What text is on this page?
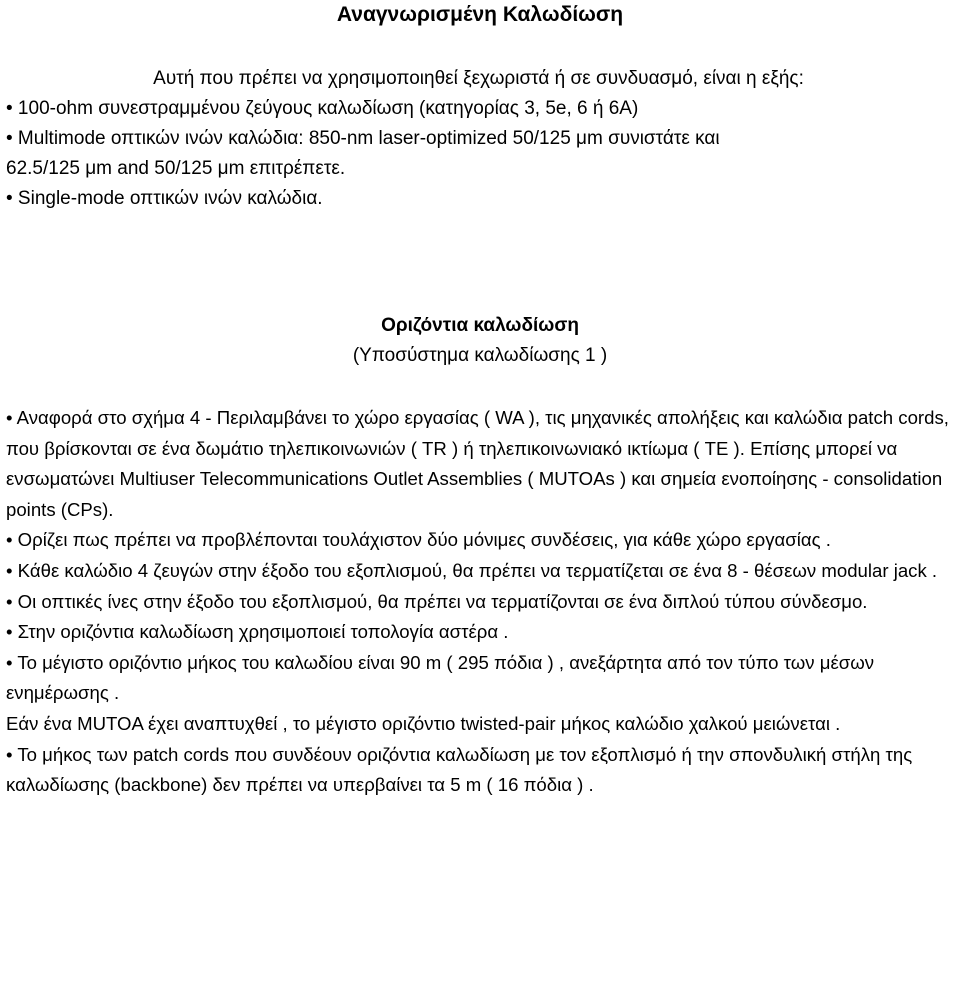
Αναγνωρισμένη Καλωδίωση
Αυτή που πρέπει να χρησιμοποιηθεί ξεχωριστά ή σε συνδυασμό, είναι η εξής:
• 100-ohm συνεστραμμένου ζεύγους καλωδίωση (κατηγορίας 3, 5e, 6 ή 6A)
• Multimode οπτικών ινών καλώδια: 850-nm laser-optimized 50/125 μm συνιστάτε και
62.5/125 μm and 50/125 μm επιτρέπετε.
• Single-mode οπτικών ινών καλώδια.
Οριζόντια καλωδίωση
(Υποσύστημα καλωδίωσης 1 )

• Αναφορά στο σχήμα 4 - Περιλαμβάνει το χώρο εργασίας ( WA ), τις μηχανικές απολήξεις και καλώδια patch cords, που βρίσκονται σε ένα δωμάτιο τηλεπικοινωνιών ( TR ) ή τηλεπικοινωνιακό ικτίωμα ( TE ). Επίσης μπορεί να ενσωματώνει Multiuser Telecommunications Outlet Assemblies ( MUTOAs ) και σημεία ενοποίησης - consolidation points (CPs).

• Ορίζει πως πρέπει να προβλέπονται τουλάχιστον δύο μόνιμες συνδέσεις, για κάθε χώρο εργασίας .

• Κάθε καλώδιο 4 ζευγών στην έξοδο του εξοπλισμού, θα πρέπει να τερματίζεται σε ένα 8 - θέσεων modular jack .

• Οι οπτικές ίνες στην έξοδο του εξοπλισμού, θα πρέπει να τερματίζονται σε ένα διπλού τύπου σύνδεσμο.

• Στην οριζόντια καλωδίωση χρησιμοποιεί τοπολογία αστέρα .

• Το μέγιστο οριζόντιο μήκος του καλωδίου είναι 90 m ( 295 πόδια ) , ανεξάρτητα από τον τύπο των μέσων ενημέρωσης .

Εάν ένα MUTOA έχει αναπτυχθεί , το μέγιστο οριζόντιο twisted-pair μήκος καλώδιο χαλκού μειώνεται .

• Το μήκος των patch cords που συνδέουν οριζόντια καλωδίωση με τον εξοπλισμό ή την σπονδυλική στήλη της καλωδίωσης (backbone) δεν πρέπει να υπερβαίνει τα 5 m ( 16 πόδια ) .
